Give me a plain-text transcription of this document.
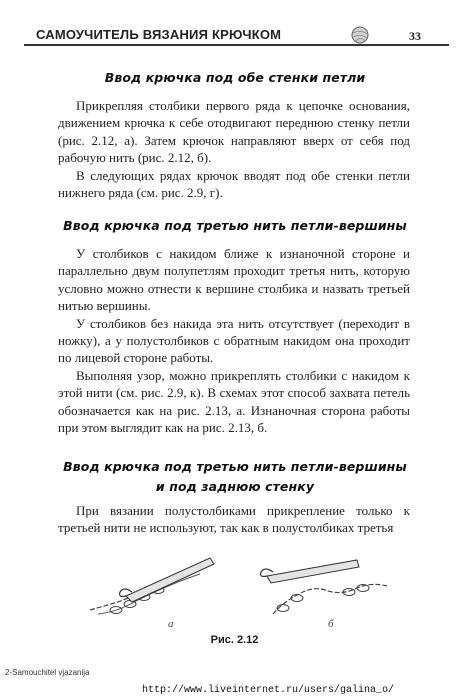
САМОУЧИТЕЛЬ ВЯЗАНИЯ КРЮЧКОМ	33
Ввод крючка под обе стенки петли

Прикрепляя столбики первого ряда к цепочке основания, движением крючка к себе отодвигают переднюю стенку петли (рис. 2.12, а). Затем крючок направляют вверх от себя под рабочую нить (рис. 2.12, б).

В следующих рядах крючок вводят под обе стенки петли нижнего ряда (см. рис. 2.9, г).

Ввод крючка под третью нить петли-вершины

У столбиков с накидом ближе к изнаночной стороне и параллельно двум полупетлям проходит третья нить, которую условно можно отнести к вершине столбика и назвать третьей нитью вершины.

У столбиков без накида эта нить отсутствует (переходит в ножку), а у полустолбиков с обратным накидом она проходит по лицевой стороне работы.

Выполняя узор, можно прикреплять столбики с накидом к этой нити (см. рис. 2.9, к). В схемах этот способ захвата петель обозначается как на рис. 2.13, а. Изнаночная сторона работы при этом выглядит как на рис. 2.13, б.

Ввод крючка под третью нить петли-вершины
и под заднюю стенку

При вязании полустолбиками прикрепление только к третьей нити не используют, так как в полустолбиках третья

а	б
Рис. 2.12
2-Samouchitel vjazanija
http://www.liveinternet.ru/users/galina_o/
